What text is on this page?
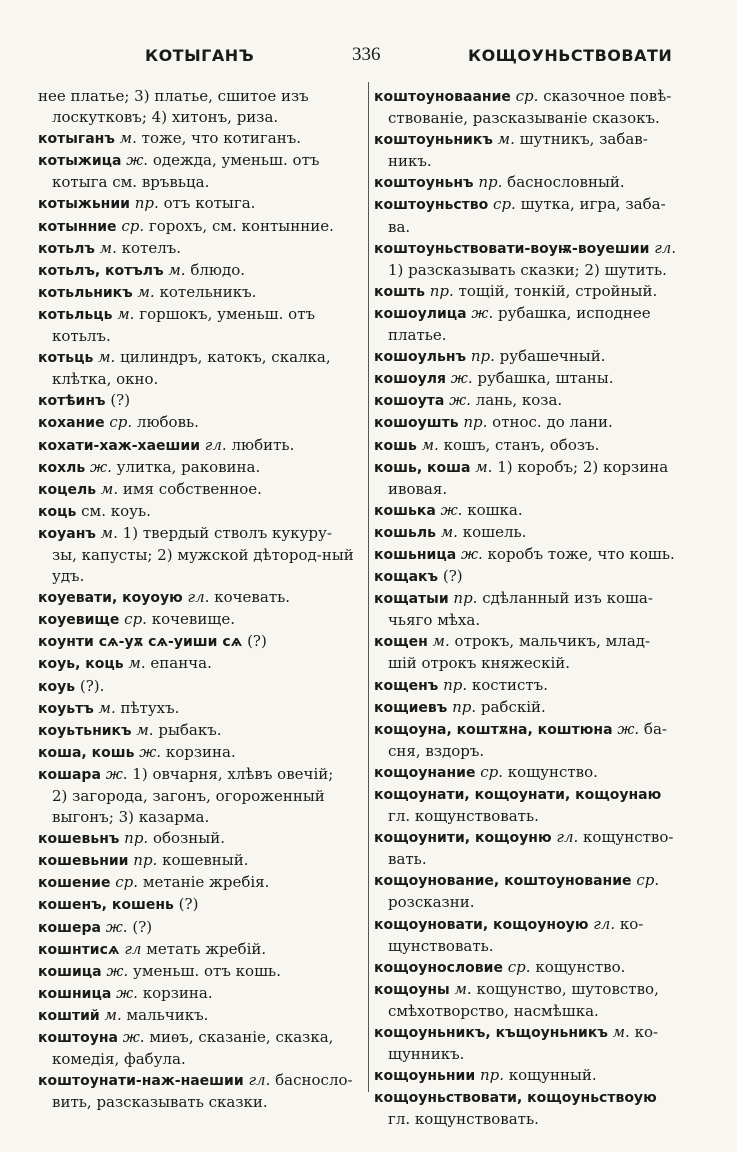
КОТЫГАНЪ	336	КОЩОУНЬСТВОВАТИ
нее платье; 3) платье, сшитое изъ
лоскутковъ; 4) хитонъ, риза.
котыганъ м. тоже, что котиганъ.
котыжица ж. одежда, уменьш. отъ
котыга см. връвьца.
котыжьнии пр. отъ котыга.
котынние ср. горохъ, см. контынние.
котьлъ м. котелъ.
котьлъ, котълъ м. блюдо.
котьльникъ м. котельникъ.
котьльць м. горшокъ, уменьш. отъ
котьлъ.
котьць м. цилиндръ, катокъ, скалка,
клѣтка, окно.
котѣинъ (?)
кохание ср. любовь.
кохати-хаж-хаешии гл. любить.
кохль ж. улитка, раковина.
коцель м. имя собственное.
коць см. коуь.
коуанъ м. 1) твердый стволъ кукуру-
зы, капусты; 2) мужской дѣтород-ный удъ.
коуевати, коуоую гл. кочевать.
коуевище ср. кочевище.
коунти сѧ-уѫ сѧ-уиши сѧ (?)
коуь, коць м. епанча.
коуь (?).
коуьтъ м. пѣтухъ.
коуьтьникъ м. рыбакъ.
коша, кошь ж. корзина.
кошара ж. 1) овчарня, хлѣвъ овечій;
2) загорода, загонъ, огороженный выгонъ; 3) казарма.
кошевьнъ пр. обозный.
кошевьнии пр. кошевный.
кошение ср. метаніе жребія.
кошенъ, кошень (?)
кошера ж. (?)
кошнтисѧ гл метать жребій.
кошица ж. уменьш. отъ кошь.
кошница ж. корзина.
коштий м. мальчикъ.
коштоуна ж. миѳъ, сказаніе, сказка,
комедія, фабула.
коштоунати-наж-наешии гл. басносло-
вить, разсказывать сказки.
коштоуновааниe ср. сказочное повѣ-
ствованіе, разсказываніе сказокъ.
коштоуньникъ м. шутникъ, забав-
никъ.
коштоуньнъ пр. баснословный.
коштоуньство ср. шутка, игра, заба-
ва.
коштоуньствовати-воуѭ-воуешии гл.
1) разсказывать сказки; 2) шутить.
кошть пр. тощій, тонкій, стройный.
кошоулица ж. рубашка, исподнее
платье.
кошоульнъ пр. рубашечный.
кошоуля ж. рубашка, штаны.
кошоута ж. лань, коза.
кошоушть пр. относ. до лани.
кошь м. кошъ, станъ, обозъ.
кошь, коша м. 1) коробъ; 2) корзина
ивовая.
кошька ж. кошка.
кошьль м. кошель.
кошьница ж. коробъ тоже, что кошь.
кощакъ (?)
кощатыи пр. сдѣланный изъ коша-
чьяго мѣха.
кощен м. отрокъ, мальчикъ, млад-
шій отрокъ княжескій.
кощенъ пр. костистъ.
кощиевъ пр. рабскій.
кощоуна, коштѫна, коштюна ж. ба-
сня, вздоръ.
кощоунание ср. кощунство.
кощоунати, кощоунати, кощоунаю
гл. кощунствовать.
кощоунити, кощоуню гл. кощунство-
вать.
кощоунование, коштоунование ср.
розсказни.
кощоуновати, кощоуноую гл. ко-
щунствовать.
кощоунословие ср. кощунство.
кощоуны м. кощунство, шутовство,
смѣхотворство, насмѣшка.
кощоуньникъ, къщоуньникъ м. ко-
щунникъ.
кощоуньнии пр. кощунный.
кощоуньствовати, кощоуньствоую
гл. кощунствовать.
